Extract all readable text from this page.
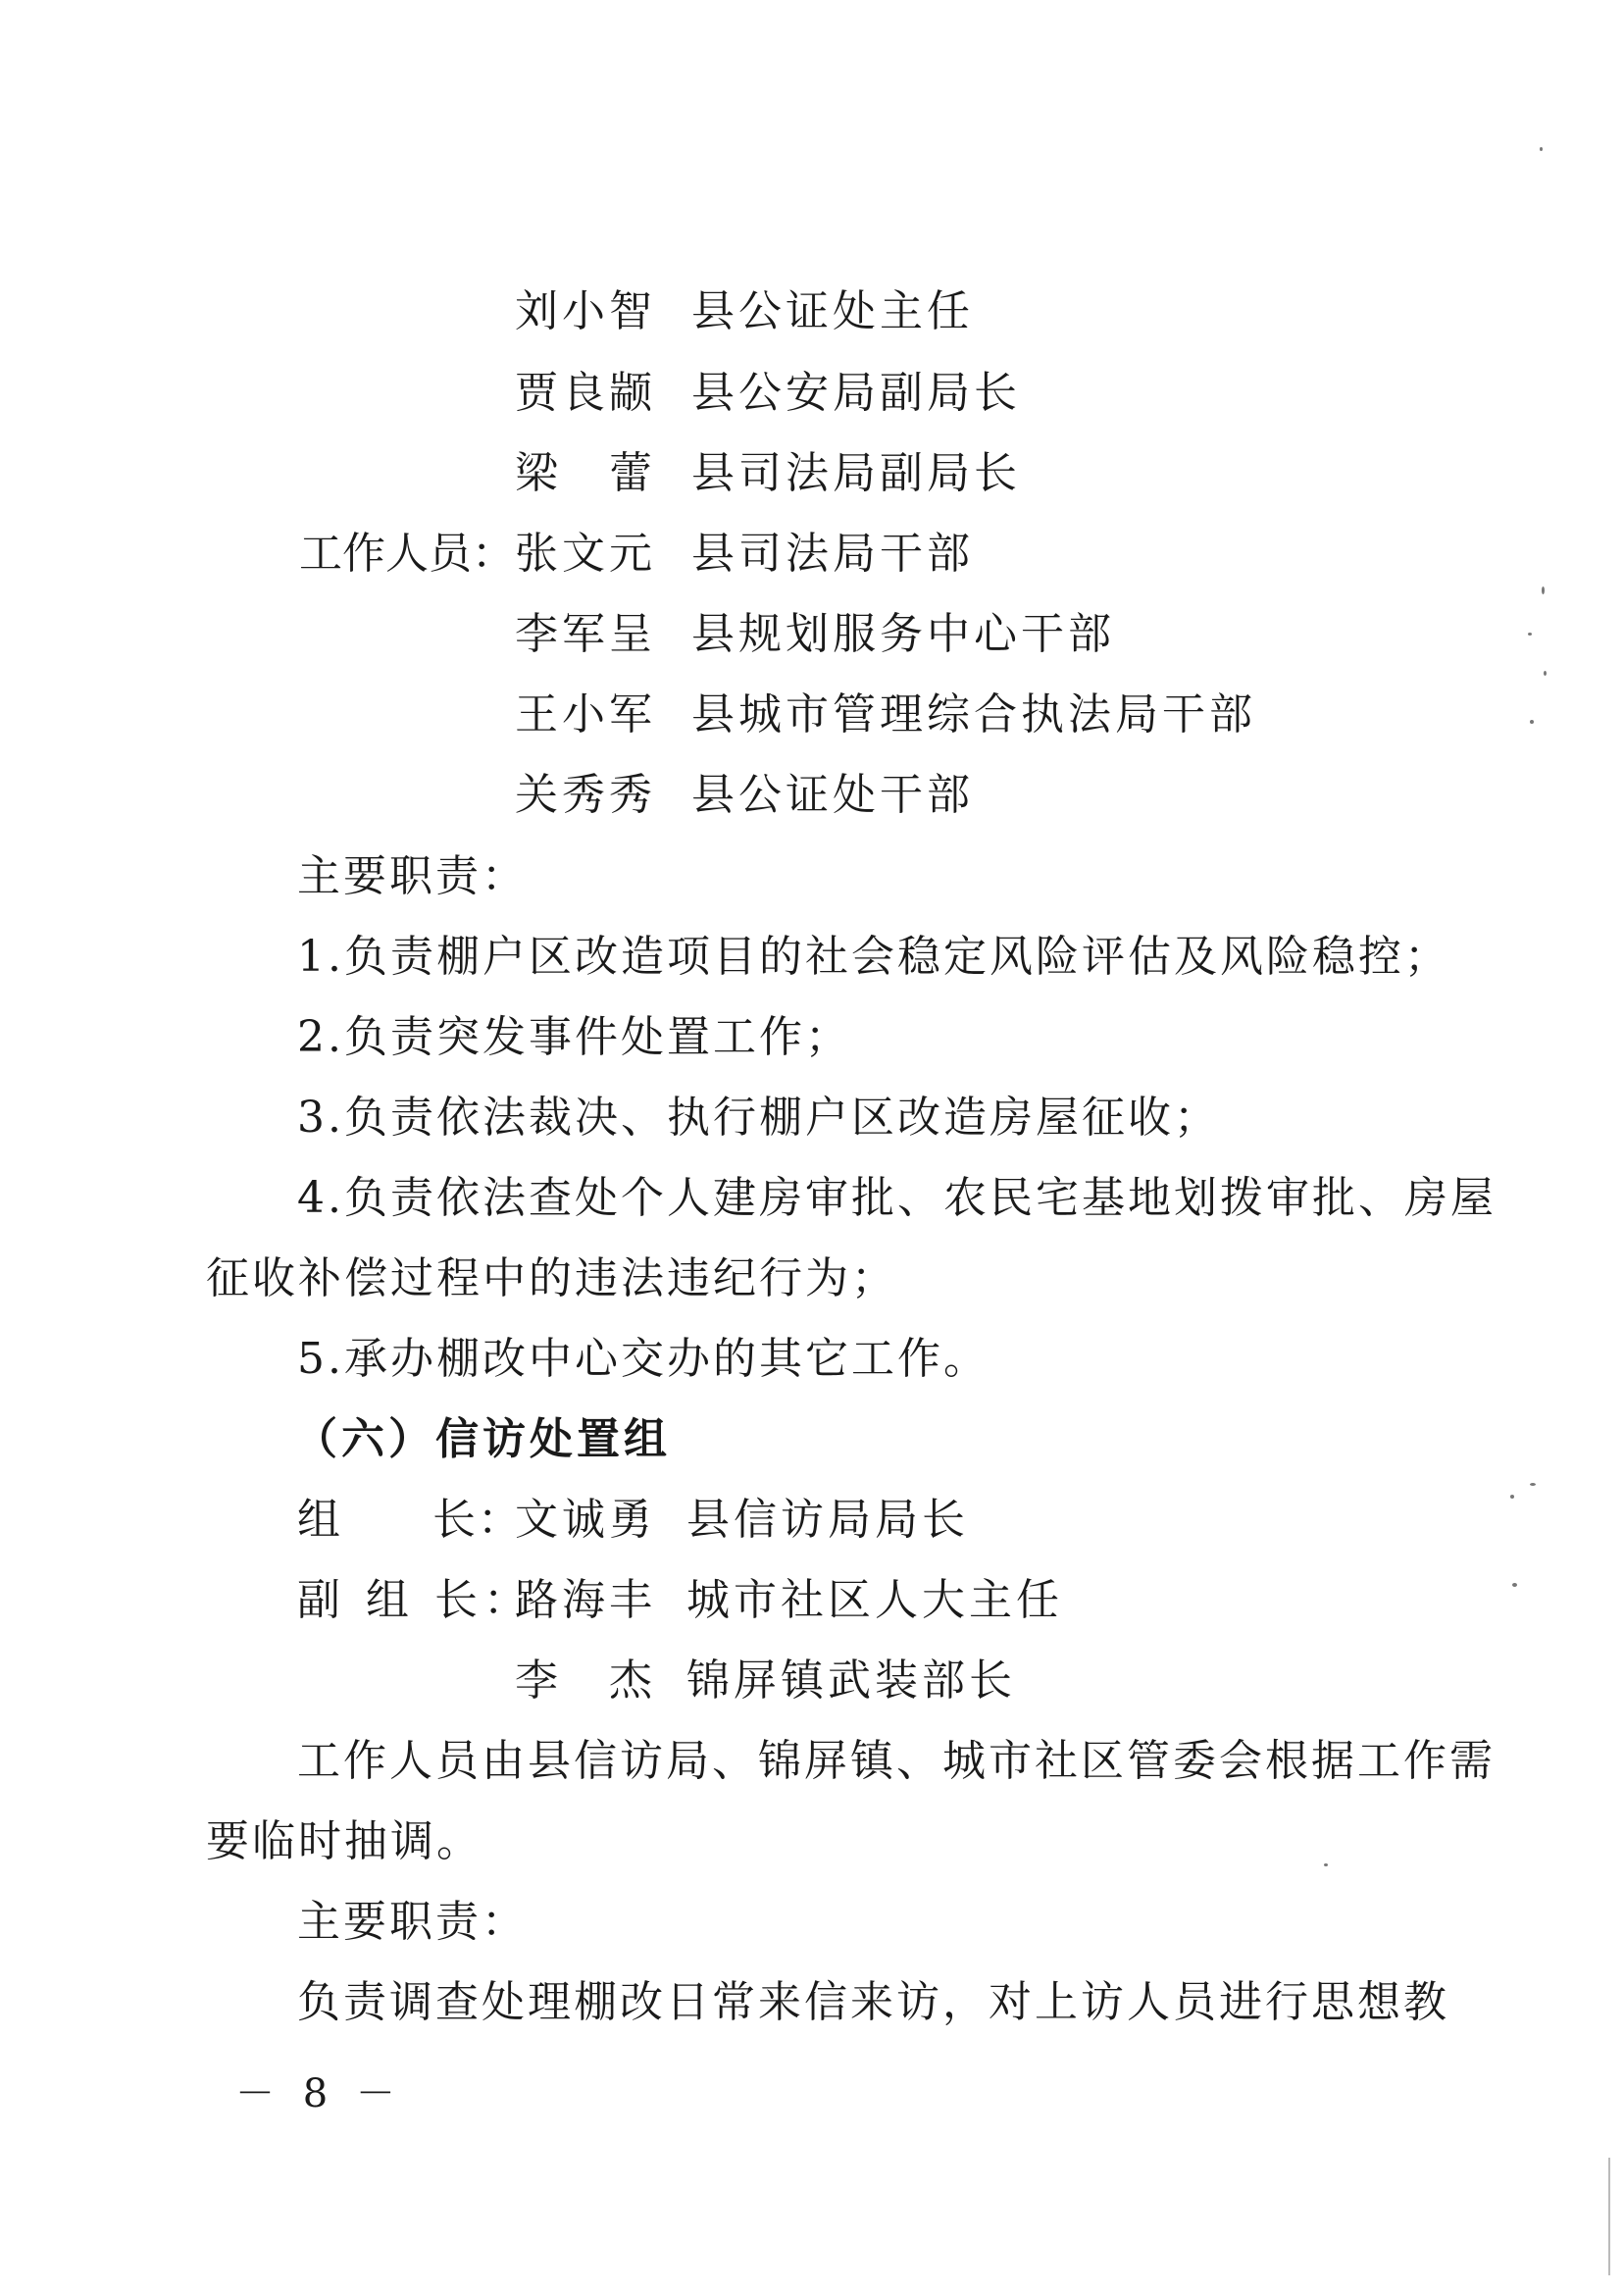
刘小智 县公证处主任
贾良颛 县公安局副局长
梁　蕾 县司法局副局长
工作人员： 张文元 县司法局干部
李军呈 县规划服务中心干部
王小军 县城市管理综合执法局干部
关秀秀 县公证处干部
主要职责：
1.负责棚户区改造项目的社会稳定风险评估及风险稳控；
2.负责突发事件处置工作；
3.负责依法裁决、执行棚户区改造房屋征收；
4.负责依法查处个人建房审批、农民宅基地划拨审批、房屋
征收补偿过程中的违法违纪行为；
5.承办棚改中心交办的其它工作。
（六）信访处置组
组　　长：
文诚勇 县信访局局长
副 组 长：
路海丰 城市社区人大主任
李　杰 锦屏镇武装部长
工作人员由县信访局、锦屏镇、城市社区管委会根据工作需
要临时抽调。
主要职责：
负责调查处理棚改日常来信来访，对上访人员进行思想教
－ 8 －
